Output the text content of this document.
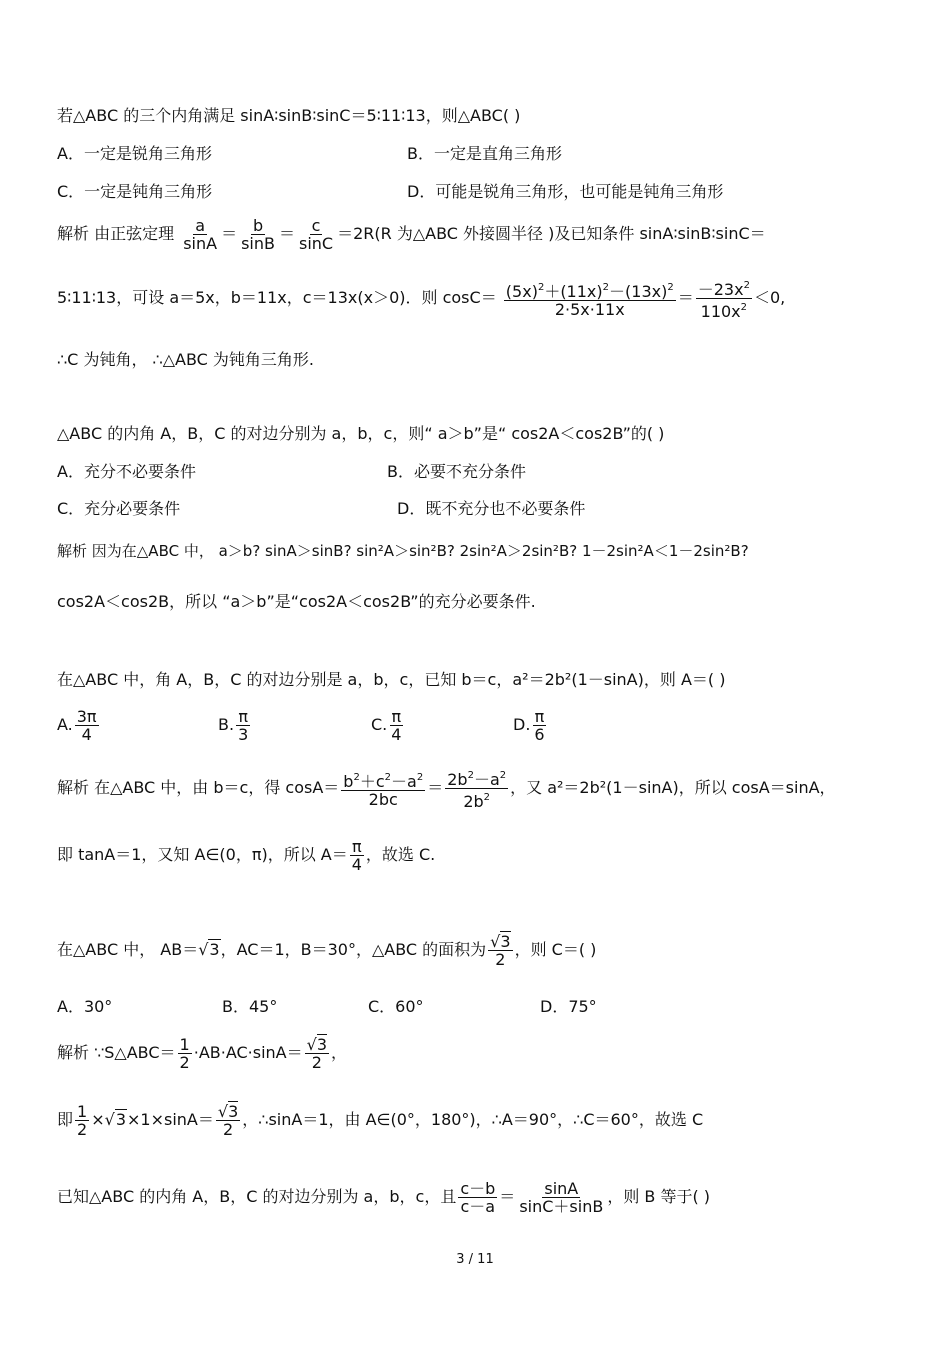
若△ABC 的三个内角满足 sinA∶sinB∶sinC＝5∶11∶13，则△ABC( )
A．一定是锐角三角形	B．一定是直角三角形
C．一定是钝角三角形	D．可能是锐角三角形，也可能是钝角三角形
解析 由正弦定理 $\frac{a}{\sin A} = \frac{b}{\sin B} = \frac{c}{\sin C} =2R(R$ 为△ABC 外接圆半径 )及已知条件 sinA∶sinB∶sinC＝
5∶11∶13，可设 a＝5x，b＝11x，c＝13x(x＞0)．则 $\cos C= \frac{(5x)^2+(11x)^2-(13x)^2}{2\cdot 5x\cdot 11x} = \frac{-23x^2}{110x^2} <0$,
∴C 为钝角， ∴△ABC 为钝角三角形.
△ABC 的内角 A，B，C 的对边分别为 a，b，c，则“ a＞b”是“ cos2A＜cos2B”的( )
A．充分不必要条件	B．必要不充分条件
C．充分必要条件	D．既不充分也不必要条件
解析 因为在△ABC 中， a＞b? sinA＞sinB? sin²A＞sin²B? 2sin²A＞2sin²B? 1－2sin²A＜1－2sin²B?
cos2A＜cos2B，所以 “a＞b”是“cos2A＜cos2B”的充分必要条件.
在△ABC 中，角 A，B，C 的对边分别是 a，b，c，已知 b＝c，a²＝2b²(1－sinA)，则 A＝( )
A. $\frac{3\pi}{4}$	B. $\frac{\pi}{3}$	C. $\frac{\pi}{4}$	D. $\frac{\pi}{6}$
解析 在△ABC 中，由 b＝c，得 $\cos A= \frac{b^2+c^2-a^2}{2bc} = \frac{2b^2-a^2}{2b^2}$ ，又 a²＝2b²(1－sinA)，所以 cosA＝sinA，
即 tanA＝1，又知 A∈(0，π)，所以 $A= \frac{\pi}{4}$ ，故选 C.
在△ABC 中， AB＝√3，AC＝1，B＝30°，△ABC 的面积为 $\frac{√3}{2}$ ，则 C＝( )
A．30°	B．45°	C．60°	D．75°
解析 ∵S△ABC＝ $\frac{1}{2} \cdot AB\cdot AC\cdot\sin A= \frac{√3}{2}$ ，
即 $\frac{1}{2} \times√3\times 1\times\sin A= \frac{√3}{2}$ ，∴sinA＝1，由 A∈(0°，180°)，∴A＝90°，∴C＝60°，故选 C
已知△ABC 的内角 A，B，C 的对边分别为 a，b，c，且 $\frac{c-b}{c-a} = \frac{\sin A}{\sin C+\sin B}$ ，则 B 等于( )
3 / 11
